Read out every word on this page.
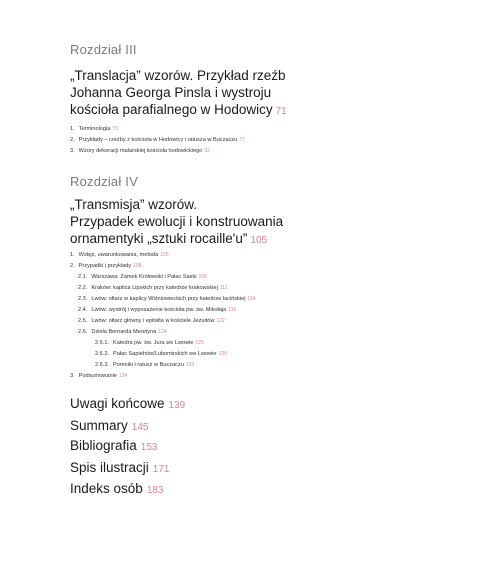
Rozdział III
„Translacja” wzorów. Przykład rzeźb
Johanna Georga Pinsla i wystroju
kościoła parafialnego w Hodowicy 71
1. Terminologia 73
2. Przykłady – rzeźby z kościoła w Hodowicy i ratusza w Buczaczu 77
3. Wzory dekoracji malarskiej kościoła hodowickiego 92
Rozdział IV
„Transmisja” wzorów.
Przypadek ewolucji i konstruowania
ornamentyki „sztuki rocaille'u” 105
1. Wstęp, uwarunkowania, metoda 105
2. Przypadki i przykłady 108
2.1. Warszawa: Zamek Królewski i Pałac Saski 108
2.2. Kraków: kaplica Lipskich przy katedrze krakowskiej 111
2.3. Lwów: ołtarz w kaplicy Wiśniowieckich przy katedrze łacińskiej 114
2.4. Lwów: wystrój i wyposażenie kościoła pw. św. Mikołaja 116
2.5. Lwów: ołtarz główny i epitafia w kościele Jezuitów 122
2.6. Dzieła Bernarda Meretyna 124
2.6.1. Katedra pw. św. Jura we Lwowie 125
2.6.2. Pałac Sapiehów/Lubomirskich we Lwowie 129
2.6.3. Pomniki i ratusz w Buczaczu 130
3. Podsumowanie 134
Uwagi końcowe 139
Summary 145
Bibliografia 153
Spis ilustracji 171
Indeks osób 183
